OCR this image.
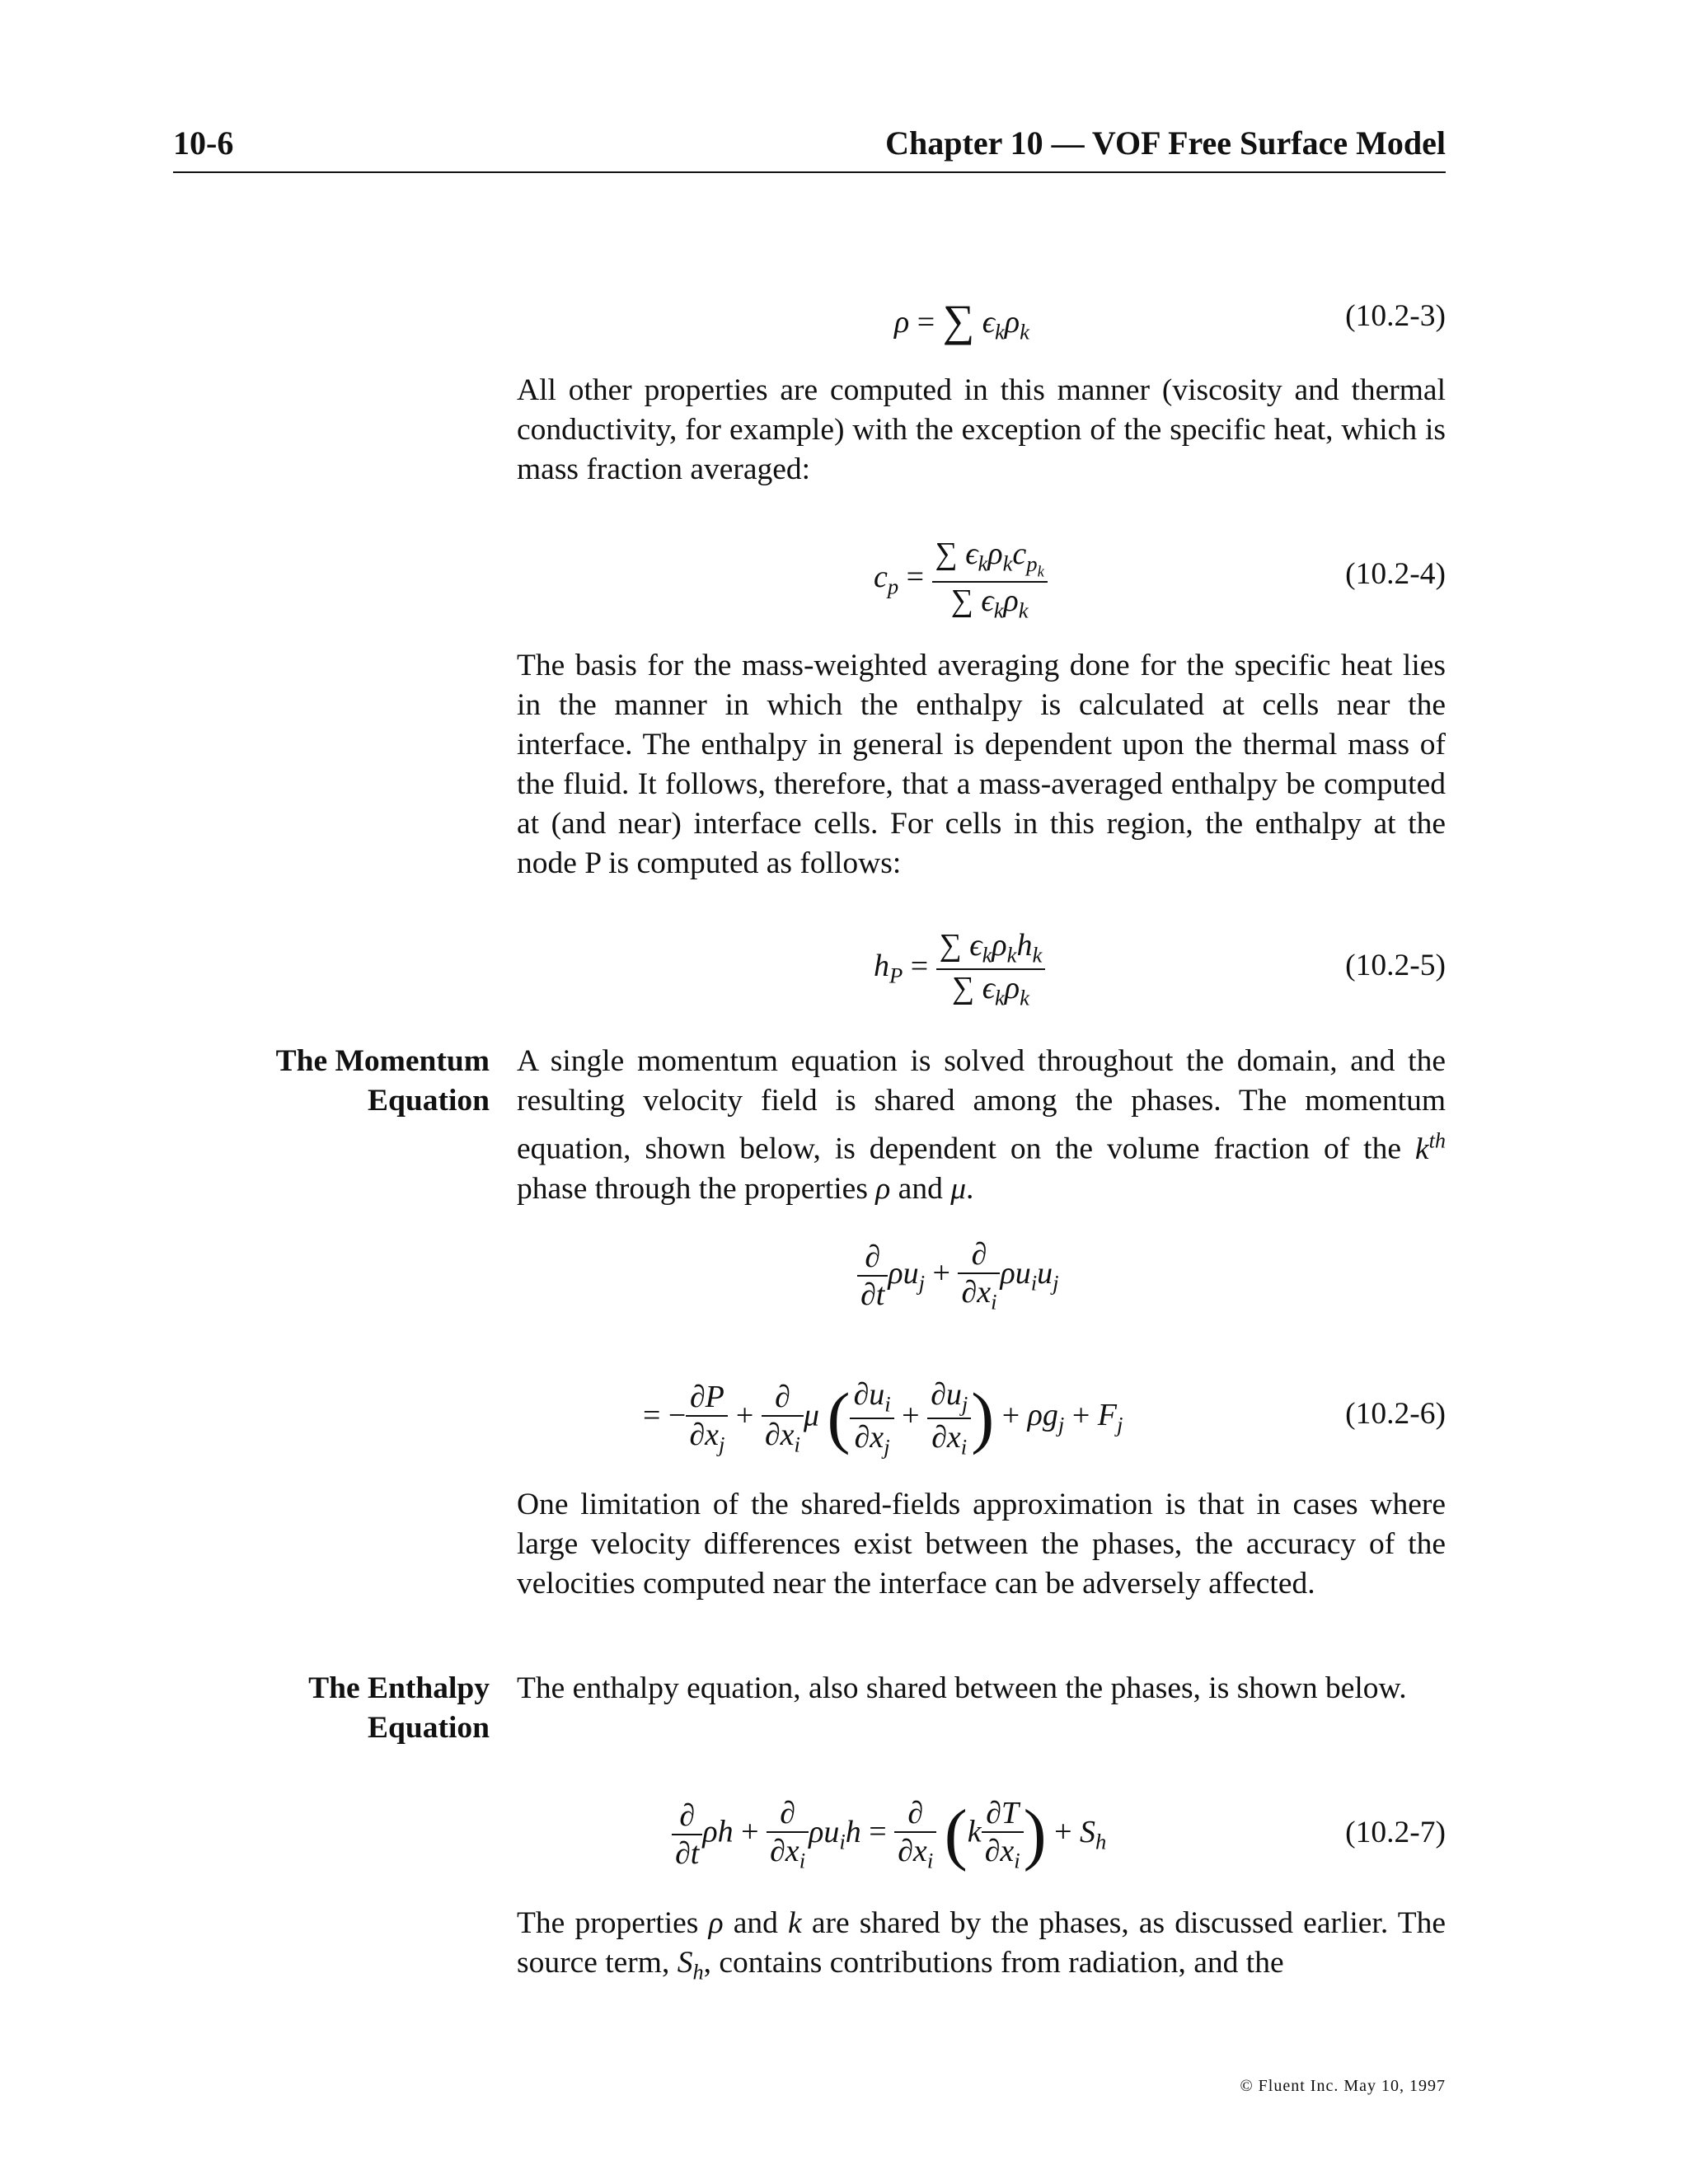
10-6	Chapter 10 — VOF Free Surface Model
ρ = ∑ $\epsilon_k\rho_k$	(10.2-3)
All other properties are computed in this manner (viscosity and thermal conductivity, for example) with the exception of the specific heat, which is mass fraction averaged:
$c_p = \frac{\sum \epsilon_k\rho_kc_{p_k}}{\sum \epsilon_k\rho_k}$	(10.2-4)
The basis for the mass-weighted averaging done for the specific heat lies in the manner in which the enthalpy is calculated at cells near the interface. The enthalpy in general is dependent upon the thermal mass of the fluid. It follows, therefore, that a mass-averaged enthalpy be computed at (and near) interface cells. For cells in this region, the enthalpy at the node P is computed as follows:
$h_P = \frac{\sum \epsilon_k\rho_kh_k}{\sum \epsilon_k\rho_k}$	(10.2-5)
The Momentum
Equation
A single momentum equation is solved throughout the domain, and the resulting velocity field is shared among the phases. The momentum equation, shown below, is dependent on the volume fraction of the $k^{th}$ phase through the properties ρ and μ.
$\frac{\partial}{\partial t} \rho u_j + \frac{\partial}{\partial x_i} \rho u_iu_j$
= − $\frac{\partial P}{\partial x_j} + \frac{\partial}{\partial x_i}$ μ ( $\frac{\partial u_i}{\partial x_j} + \frac{\partial u_j}{\partial x_i}$ ) + $\rho g_j + F_j$	(10.2-6)
One limitation of the shared-fields approximation is that in cases where large velocity differences exist between the phases, the accuracy of the velocities computed near the interface can be adversely affected.
The Enthalpy
Equation
The enthalpy equation, also shared between the phases, is shown below.
$\frac{\partial}{\partial t}$ $\rho h + \frac{\partial}{\partial x_i} \rho u_ih = \frac{\partial}{\partial x_i} (k \frac{\partial T}{\partial x_i}$ ) + $S_h$	(10.2-7)
The properties ρ and k are shared by the phases, as discussed earlier. The source term, $S_h$, contains contributions from radiation, and the
© Fluent Inc. May 10, 1997
